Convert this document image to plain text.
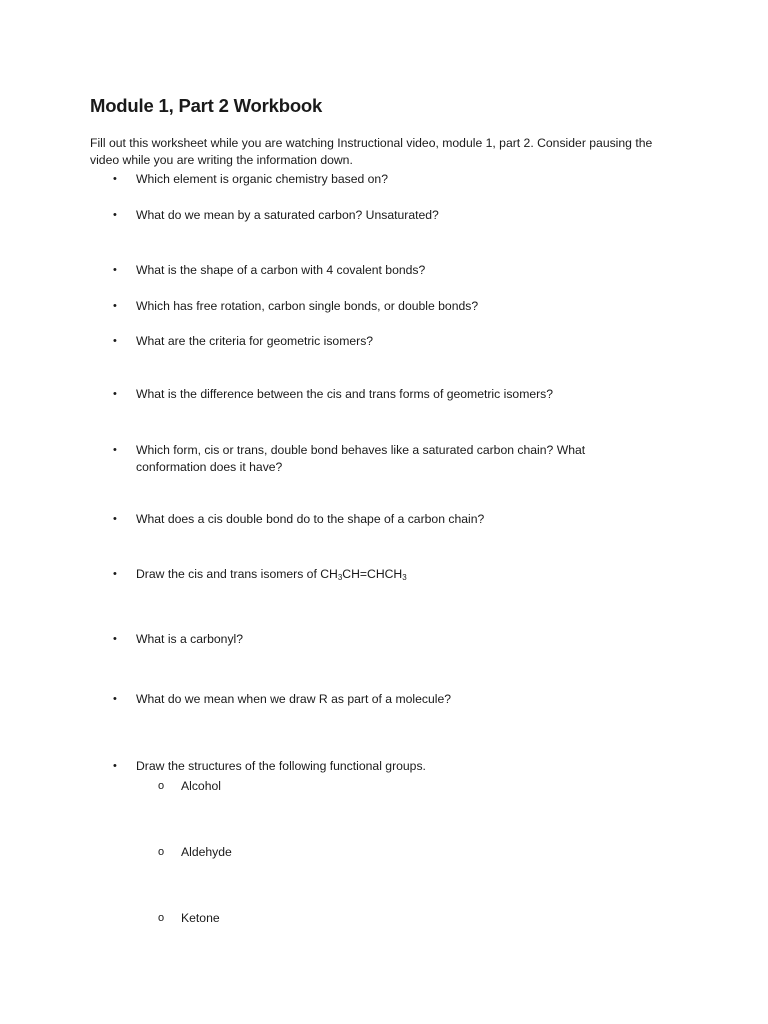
Module 1, Part 2 Workbook

Fill out this worksheet while you are watching Instructional video, module 1, part 2. Consider pausing the video while you are writing the information down.

• Which element is organic chemistry based on?
• What do we mean by a saturated carbon? Unsaturated?
• What is the shape of a carbon with 4 covalent bonds?
• Which has free rotation, carbon single bonds, or double bonds?
• What are the criteria for geometric isomers?
• What is the difference between the cis and trans forms of geometric isomers?
• Which form, cis or trans, double bond behaves like a saturated carbon chain? What conformation does it have?
• What does a cis double bond do to the shape of a carbon chain?
• Draw the cis and trans isomers of $CH_3CH=CHCH_3$
• What is a carbonyl?
• What do we mean when we draw R as part of a molecule?
• Draw the structures of the following functional groups.
o Alcohol
o Aldehyde
o Ketone
